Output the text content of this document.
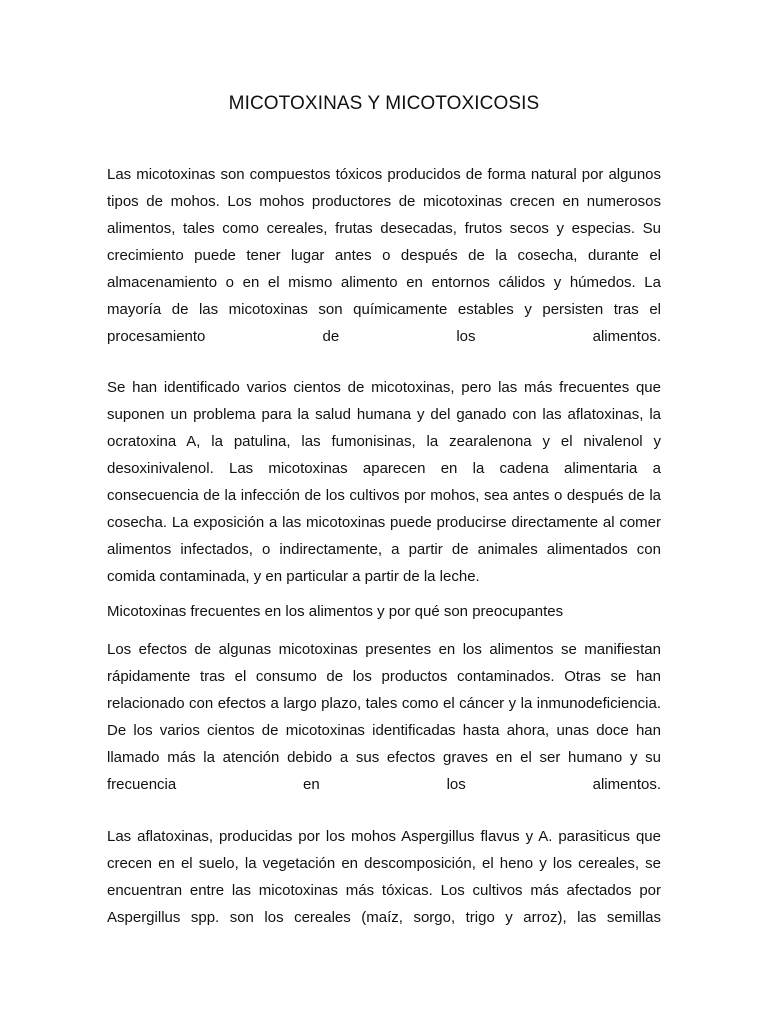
MICOTOXINAS Y MICOTOXICOSIS

Las micotoxinas son compuestos tóxicos producidos de forma natural por algunos tipos de mohos. Los mohos productores de micotoxinas crecen en numerosos alimentos, tales como cereales, frutas desecadas, frutos secos y especias. Su crecimiento puede tener lugar antes o después de la cosecha, durante el almacenamiento o en el mismo alimento en entornos cálidos y húmedos. La mayoría de las micotoxinas son químicamente estables y persisten tras el procesamiento de los alimentos.

Se han identificado varios cientos de micotoxinas, pero las más frecuentes que suponen un problema para la salud humana y del ganado con las aflatoxinas, la ocratoxina A, la patulina, las fumonisinas, la zearalenona y el nivalenol y desoxinivalenol. Las micotoxinas aparecen en la cadena alimentaria a consecuencia de la infección de los cultivos por mohos, sea antes o después de la cosecha. La exposición a las micotoxinas puede producirse directamente al comer alimentos infectados, o indirectamente, a partir de animales alimentados con comida contaminada, y en particular a partir de la leche.

Micotoxinas frecuentes en los alimentos y por qué son preocupantes

Los efectos de algunas micotoxinas presentes en los alimentos se manifiestan rápidamente tras el consumo de los productos contaminados. Otras se han relacionado con efectos a largo plazo, tales como el cáncer y la inmunodeficiencia. De los varios cientos de micotoxinas identificadas hasta ahora, unas doce han llamado más la atención debido a sus efectos graves en el ser humano y su frecuencia en los alimentos.

Las aflatoxinas, producidas por los mohos Aspergillus flavus y A. parasiticus que crecen en el suelo, la vegetación en descomposición, el heno y los cereales, se encuentran entre las micotoxinas más tóxicas. Los cultivos más afectados por Aspergillus spp. son los cereales (maíz, sorgo, trigo y arroz), las semillas
